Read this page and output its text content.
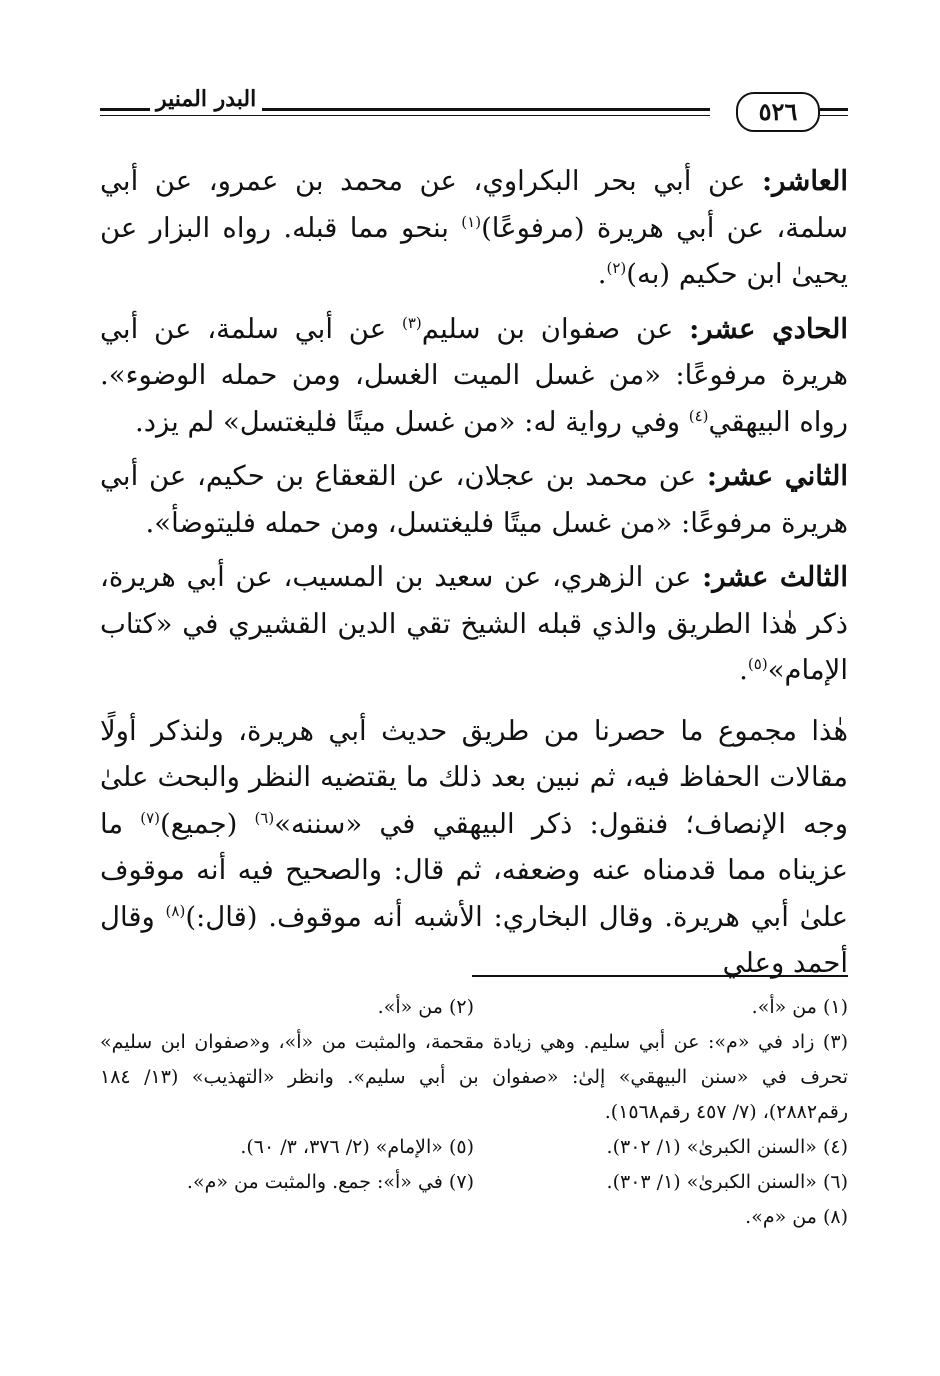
٥٢٦
البدر المنير

العاشر: عن أبي بحر البكراوي، عن محمد بن عمرو، عن أبي سلمة، عن أبي هريرة (مرفوعًا)$^{(١)}$ بنحو مما قبله. رواه البزار عن يحيىٰ ابن حكيم (به)$^{(٢)}$.

الحادي عشر: عن صفوان بن سليم$^{(٣)}$ عن أبي سلمة، عن أبي هريرة مرفوعًا: «من غسل الميت الغسل، ومن حمله الوضوء». رواه البيهقي$^{(٤)}$ وفي رواية له: «من غسل ميتًا فليغتسل» لم يزد.

الثاني عشر: عن محمد بن عجلان، عن القعقاع بن حكيم، عن أبي هريرة مرفوعًا: «من غسل ميتًا فليغتسل، ومن حمله فليتوضأ».

الثالث عشر: عن الزهري، عن سعيد بن المسيب، عن أبي هريرة، ذكر هٰذا الطريق والذي قبله الشيخ تقي الدين القشيري في «كتاب الإمام»$^{(٥)}$.

هٰذا مجموع ما حصرنا من طريق حديث أبي هريرة، ولنذكر أولًا مقالات الحفاظ فيه، ثم نبين بعد ذلك ما يقتضيه النظر والبحث علىٰ وجه الإنصاف؛ فنقول: ذكر البيهقي في «سننه»$^{(٦)}$ (جميع)$^{(٧)}$ ما عزيناه مما قدمناه عنه وضعفه، ثم قال: والصحيح فيه أنه موقوف علىٰ أبي هريرة. وقال البخاري: الأشبه أنه موقوف. (قال:)$^{(٨)}$ وقال أحمد وعلي

(١) من «أ».
(٢) من «أ».
(٣) زاد في «م»: عن أبي سليم. وهي زيادة مقحمة، والمثبت من «أ»، و«صفوان ابن سليم» تحرف في «سنن البيهقي» إلىٰ: «صفوان بن أبي سليم». وانظر «التهذيب» (١٣/ ١٨٤ رقم٢٨٨٢)، (٧/ ٤٥٧ رقم١٥٦٨).
(٤) «السنن الكبرىٰ» (١/ ٣٠٢).
(٥) «الإمام» (٢/ ٣٧٦، ٣/ ٦٠).
(٦) «السنن الكبرىٰ» (١/ ٣٠٣).
(٧) في «أ»: جمع. والمثبت من «م».
(٨) من «م».
